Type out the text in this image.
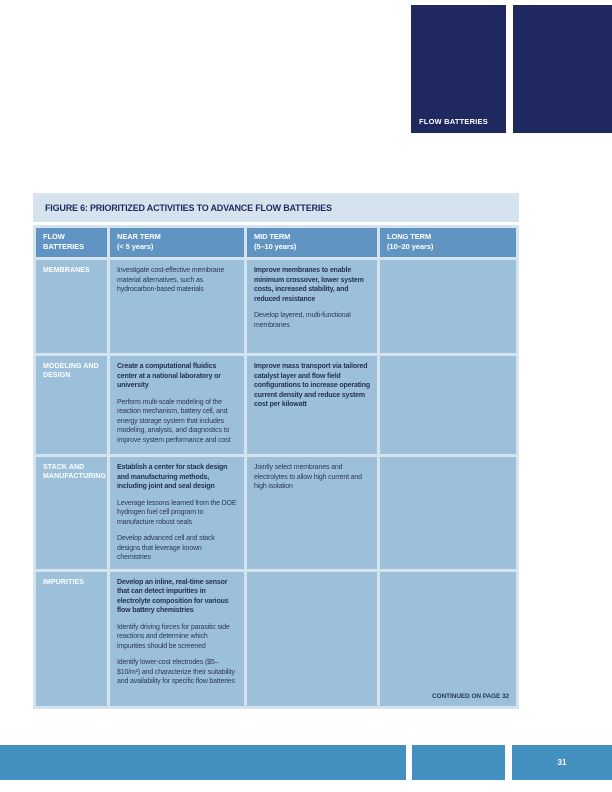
FLOW BATTERIES
FIGURE 6: PRIORITIZED ACTIVITIES TO ADVANCE FLOW BATTERIES
FLOW
BATTERIES
NEAR TERM
(< 5 years)
MID TERM
(5–10 years)
LONG TERM
(10–20 years)
MEMBRANES	Investigate cost-effective membrane material alternatives, such as hydrocarbon-based materials

Improve membranes to enable minimum crossover, lower system costs, increased stability, and reduced resistance

Develop layered, multi-functional membranes

MODELING AND DESIGN

Create a computational fluidics center at a national laboratory or university

Perform multi-scale modeling of the reaction mechanism, battery cell, and energy storage system that includes modeling, analysis, and diagnostics to improve system performance and cost

Improve mass transport via tailored catalyst layer and flow field configurations to increase operating current density and reduce system cost per kilowatt

STACK AND MANUFACTURING

Establish a center for stack design and manufacturing methods, including joint and seal design

Leverage lessons learned from the DOE hydrogen fuel cell program to manufacture robust seals

Develop advanced cell and stack designs that leverage known chemistries

Jointly select membranes and electrolytes to allow high current and high isolation

IMPURITIES	Develop an inline, real-time sensor that can detect impurities in electrolyte composition for various flow battery chemistries

Identify driving forces for parasitic side reactions and determine which impurities should be screened

Identify lower-cost electrodes ($5–$10/m²) and characterize their suitability and availability for specific flow batteries

CONTINUED ON PAGE 32
31
